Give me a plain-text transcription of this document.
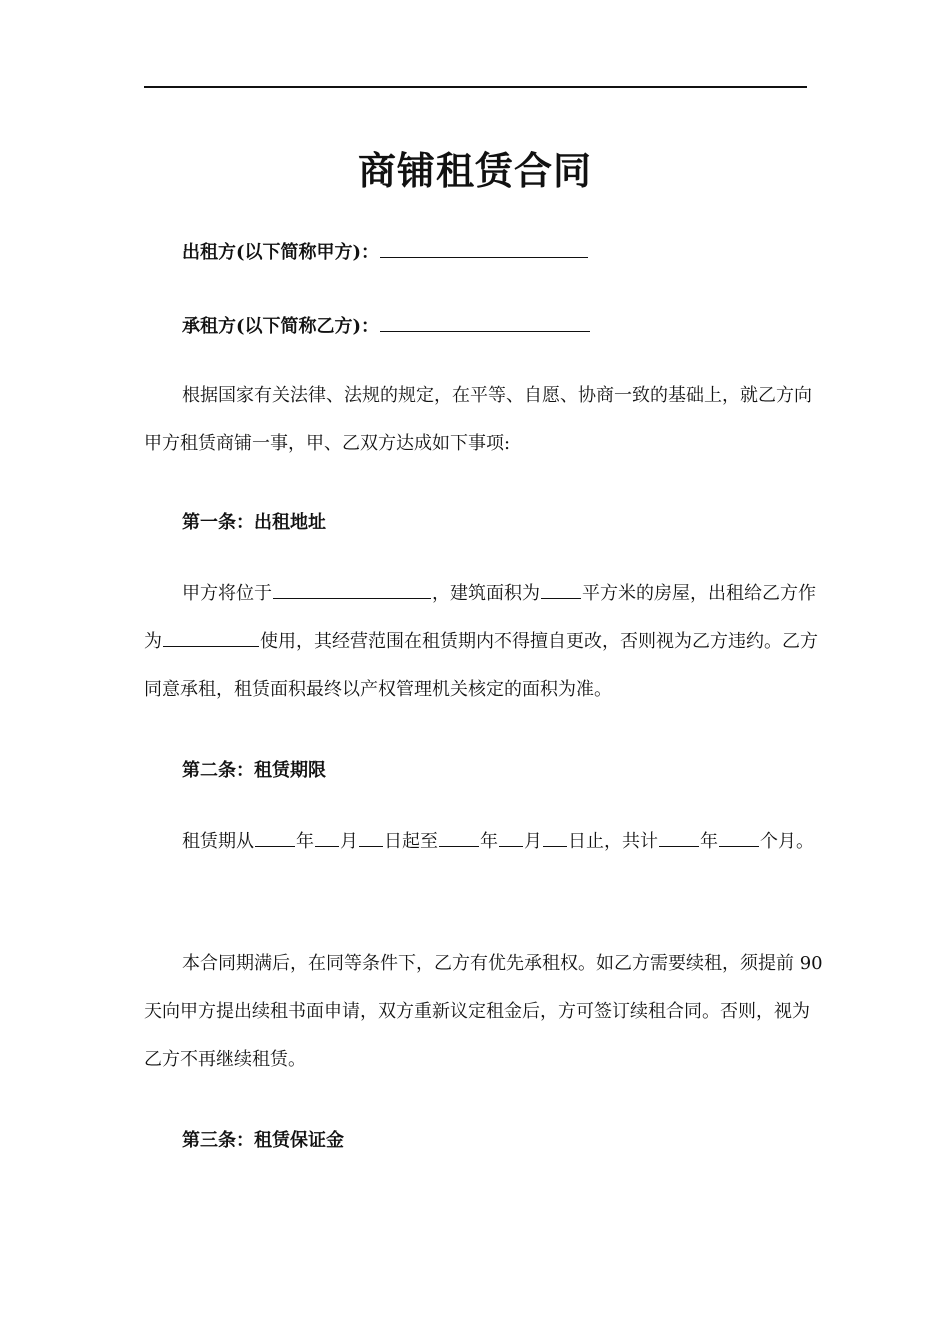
商铺租赁合同
出租方(以下简称甲方)：
承租方(以下简称乙方)：

根据国家有关法律、法规的规定，在平等、自愿、协商一致的基础上，就乙方向甲方租赁商铺一事，甲、乙双方达成如下事项:

第一条：出租地址

甲方将位于	，建筑面积为 平方米的房屋，出租给乙方作为	使用，其经营范围在租赁期内不得擅自更改，否则视为乙方违约。乙方同意承租，租赁面积最终以产权管理机关核定的面积为准。

第二条：租赁期限

租赁期从 年 月 日起至 年 月 日止，共计 年 个月。

本合同期满后，在同等条件下，乙方有优先承租权。如乙方需要续租，须提前 90 天向甲方提出续租书面申请，双方重新议定租金后，方可签订续租合同。否则，视为乙方不再继续租赁。

第三条：租赁保证金
